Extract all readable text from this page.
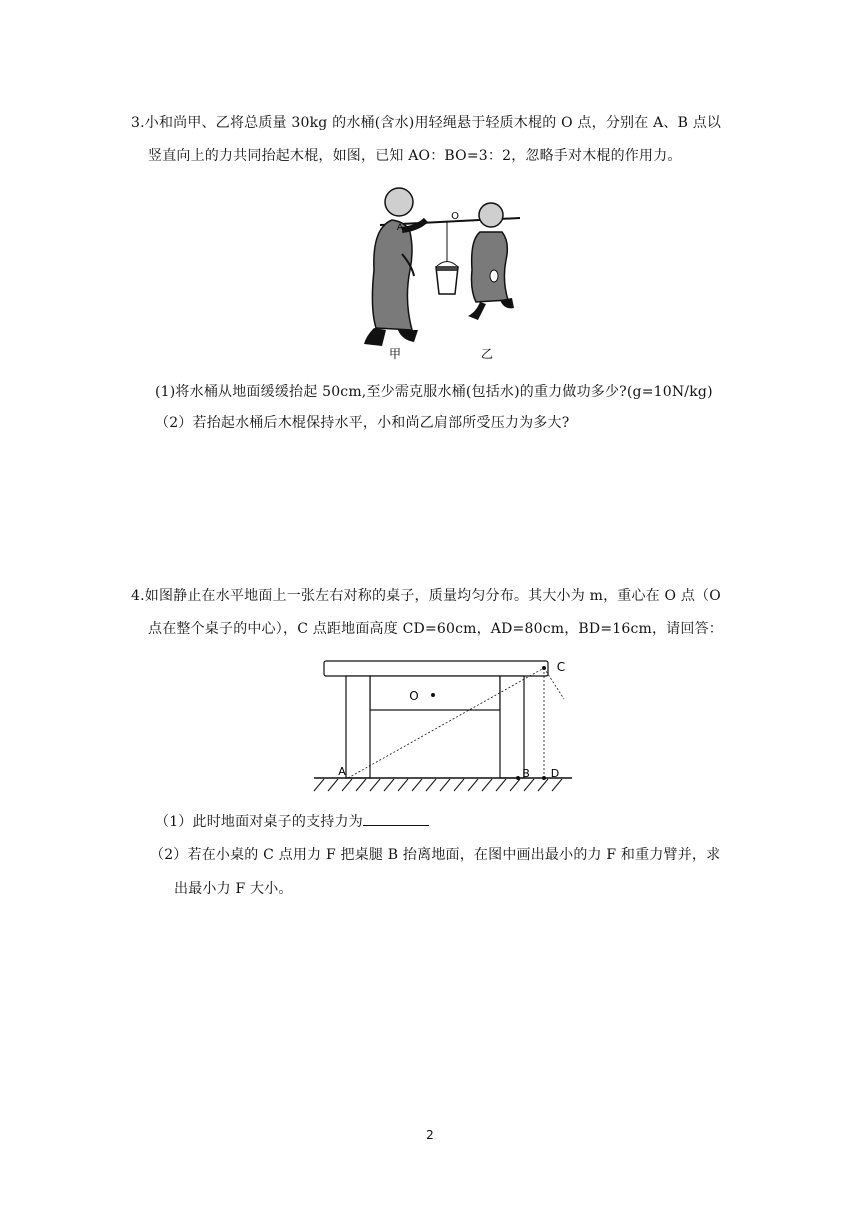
3.小和尚甲、乙将总质量 30kg 的水桶(含水)用轻绳悬于轻质木棍的 O 点，分别在 A、B 点以
竖直向上的力共同抬起木棍，如图，已知 AO：BO=3：2，忽略手对木棍的作用力。
A
O
甲	乙
(1)将水桶从地面缓缓抬起 50cm,至少需克服水桶(包括水)的重力做功多少?(g=10N/kg)
（2）若抬起水桶后木棍保持水平，小和尚乙肩部所受压力为多大?
4.如图静止在水平地面上一张左右对称的桌子，质量均匀分布。其大小为 m，重心在 O 点（O
点在整个桌子的中心），C 点距地面高度 CD=60cm，AD=80cm，BD=16cm，请回答：
O
C
A	B D
（1）此时地面对桌子的支持力为
（2）若在小桌的 C 点用力 F 把桌腿 B 抬离地面，在图中画出最小的力 F 和重力臂并，求
出最小力 F 大小。
2
